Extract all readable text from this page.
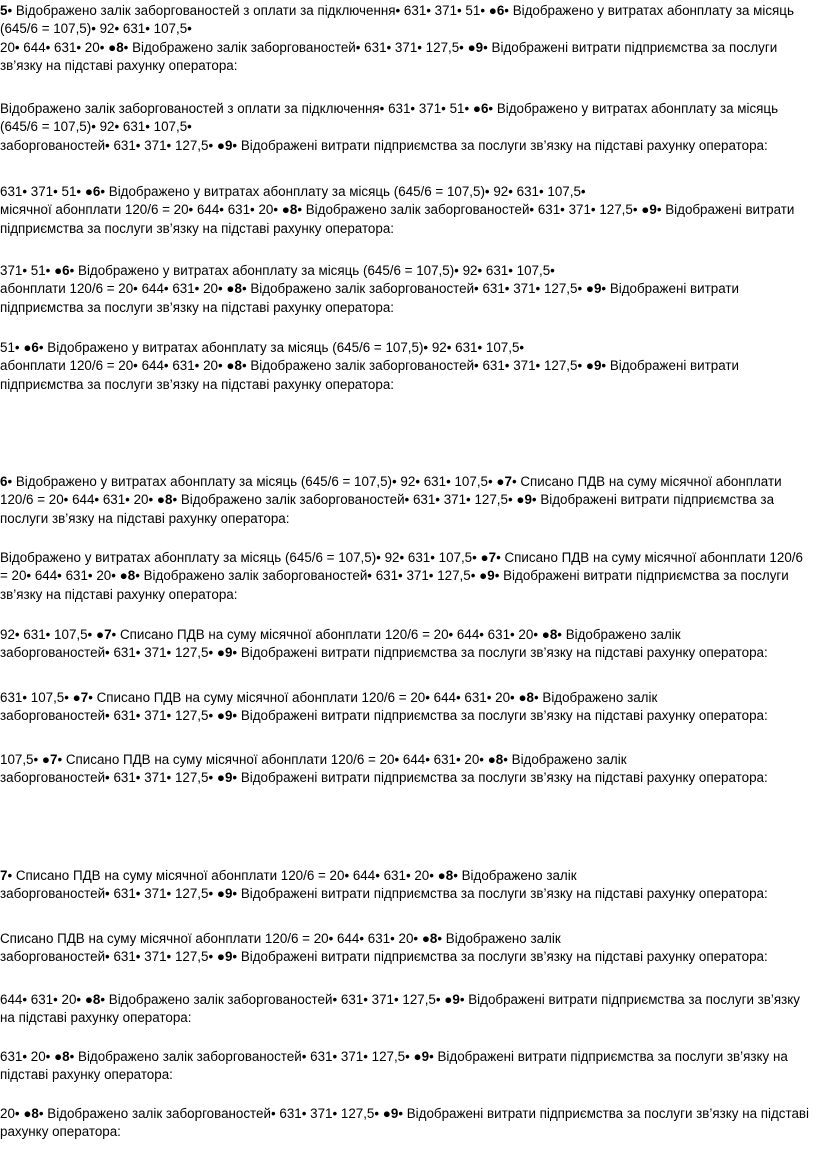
5• Відображено залік заборгованостей з оплати за підключення• 631• 371• 51• ●6• Відображено у витратах абонплату за місяць (645/6 = 107,5)• 92• 631• 107,5•
20• 644• 631• 20• ●8• Відображено залік заборгованостей• 631• 371• 127,5• ●9• Відображені витрати підприємства за послуги зв’язку на підставі рахунку оператора:
Відображено залік заборгованостей з оплати за підключення• 631• 371• 51• ●6• Відображено у витратах абонплату за місяць (645/6 = 107,5)• 92• 631• 107,5•
заборгованостей• 631• 371• 127,5• ●9• Відображені витрати підприємства за послуги зв’язку на підставі рахунку оператора:
631• 371• 51• ●6• Відображено у витратах абонплату за місяць (645/6 = 107,5)• 92• 631• 107,5•
місячної абонплати 120/6 = 20• 644• 631• 20• ●8• Відображено залік заборгованостей• 631• 371• 127,5• ●9• Відображені витрати підприємства за послуги зв’язку на підставі рахунку оператора:
371• 51• ●6• Відображено у витратах абонплату за місяць (645/6 = 107,5)• 92• 631• 107,5•
абонплати 120/6 = 20• 644• 631• 20• ●8• Відображено залік заборгованостей• 631• 371• 127,5• ●9• Відображені витрати підприємства за послуги зв’язку на підставі рахунку оператора:
51• ●6• Відображено у витратах абонплату за місяць (645/6 = 107,5)• 92• 631• 107,5•
абонплати 120/6 = 20• 644• 631• 20• ●8• Відображено залік заборгованостей• 631• 371• 127,5• ●9• Відображені витрати підприємства за послуги зв’язку на підставі рахунку оператора:
6• Відображено у витратах абонплату за місяць (645/6 = 107,5)• 92• 631• 107,5• ●7• Списано ПДВ на суму місячної абонплати 120/6 = 20• 644• 631• 20• ●8• Відображено залік заборгованостей• 631• 371• 127,5• ●9• Відображені витрати підприємства за послуги зв’язку на підставі рахунку оператора:
Відображено у витратах абонплату за місяць (645/6 = 107,5)• 92• 631• 107,5• ●7• Списано ПДВ на суму місячної абонплати 120/6 = 20• 644• 631• 20• ●8• Відображено залік заборгованостей• 631• 371• 127,5• ●9• Відображені витрати підприємства за послуги зв’язку на підставі рахунку оператора:
92• 631• 107,5• ●7• Списано ПДВ на суму місячної абонплати 120/6 = 20• 644• 631• 20• ●8• Відображено залік
заборгованостей• 631• 371• 127,5• ●9• Відображені витрати підприємства за послуги зв’язку на підставі рахунку оператора:
631• 107,5• ●7• Списано ПДВ на суму місячної абонплати 120/6 = 20• 644• 631• 20• ●8• Відображено залік
заборгованостей• 631• 371• 127,5• ●9• Відображені витрати підприємства за послуги зв’язку на підставі рахунку оператора:
107,5• ●7• Списано ПДВ на суму місячної абонплати 120/6 = 20• 644• 631• 20• ●8• Відображено залік
заборгованостей• 631• 371• 127,5• ●9• Відображені витрати підприємства за послуги зв’язку на підставі рахунку оператора:
7• Списано ПДВ на суму місячної абонплати 120/6 = 20• 644• 631• 20• ●8• Відображено залік
заборгованостей• 631• 371• 127,5• ●9• Відображені витрати підприємства за послуги зв’язку на підставі рахунку оператора:
Списано ПДВ на суму місячної абонплати 120/6 = 20• 644• 631• 20• ●8• Відображено залік
заборгованостей• 631• 371• 127,5• ●9• Відображені витрати підприємства за послуги зв’язку на підставі рахунку оператора:
644• 631• 20• ●8• Відображено залік заборгованостей• 631• 371• 127,5• ●9• Відображені витрати підприємства за послуги зв’язку на підставі рахунку оператора:
631• 20• ●8• Відображено залік заборгованостей• 631• 371• 127,5• ●9• Відображені витрати підприємства за послуги зв’язку на підставі рахунку оператора:
20• ●8• Відображено залік заборгованостей• 631• 371• 127,5• ●9• Відображені витрати підприємства за послуги зв’язку на підставі рахунку оператора:
